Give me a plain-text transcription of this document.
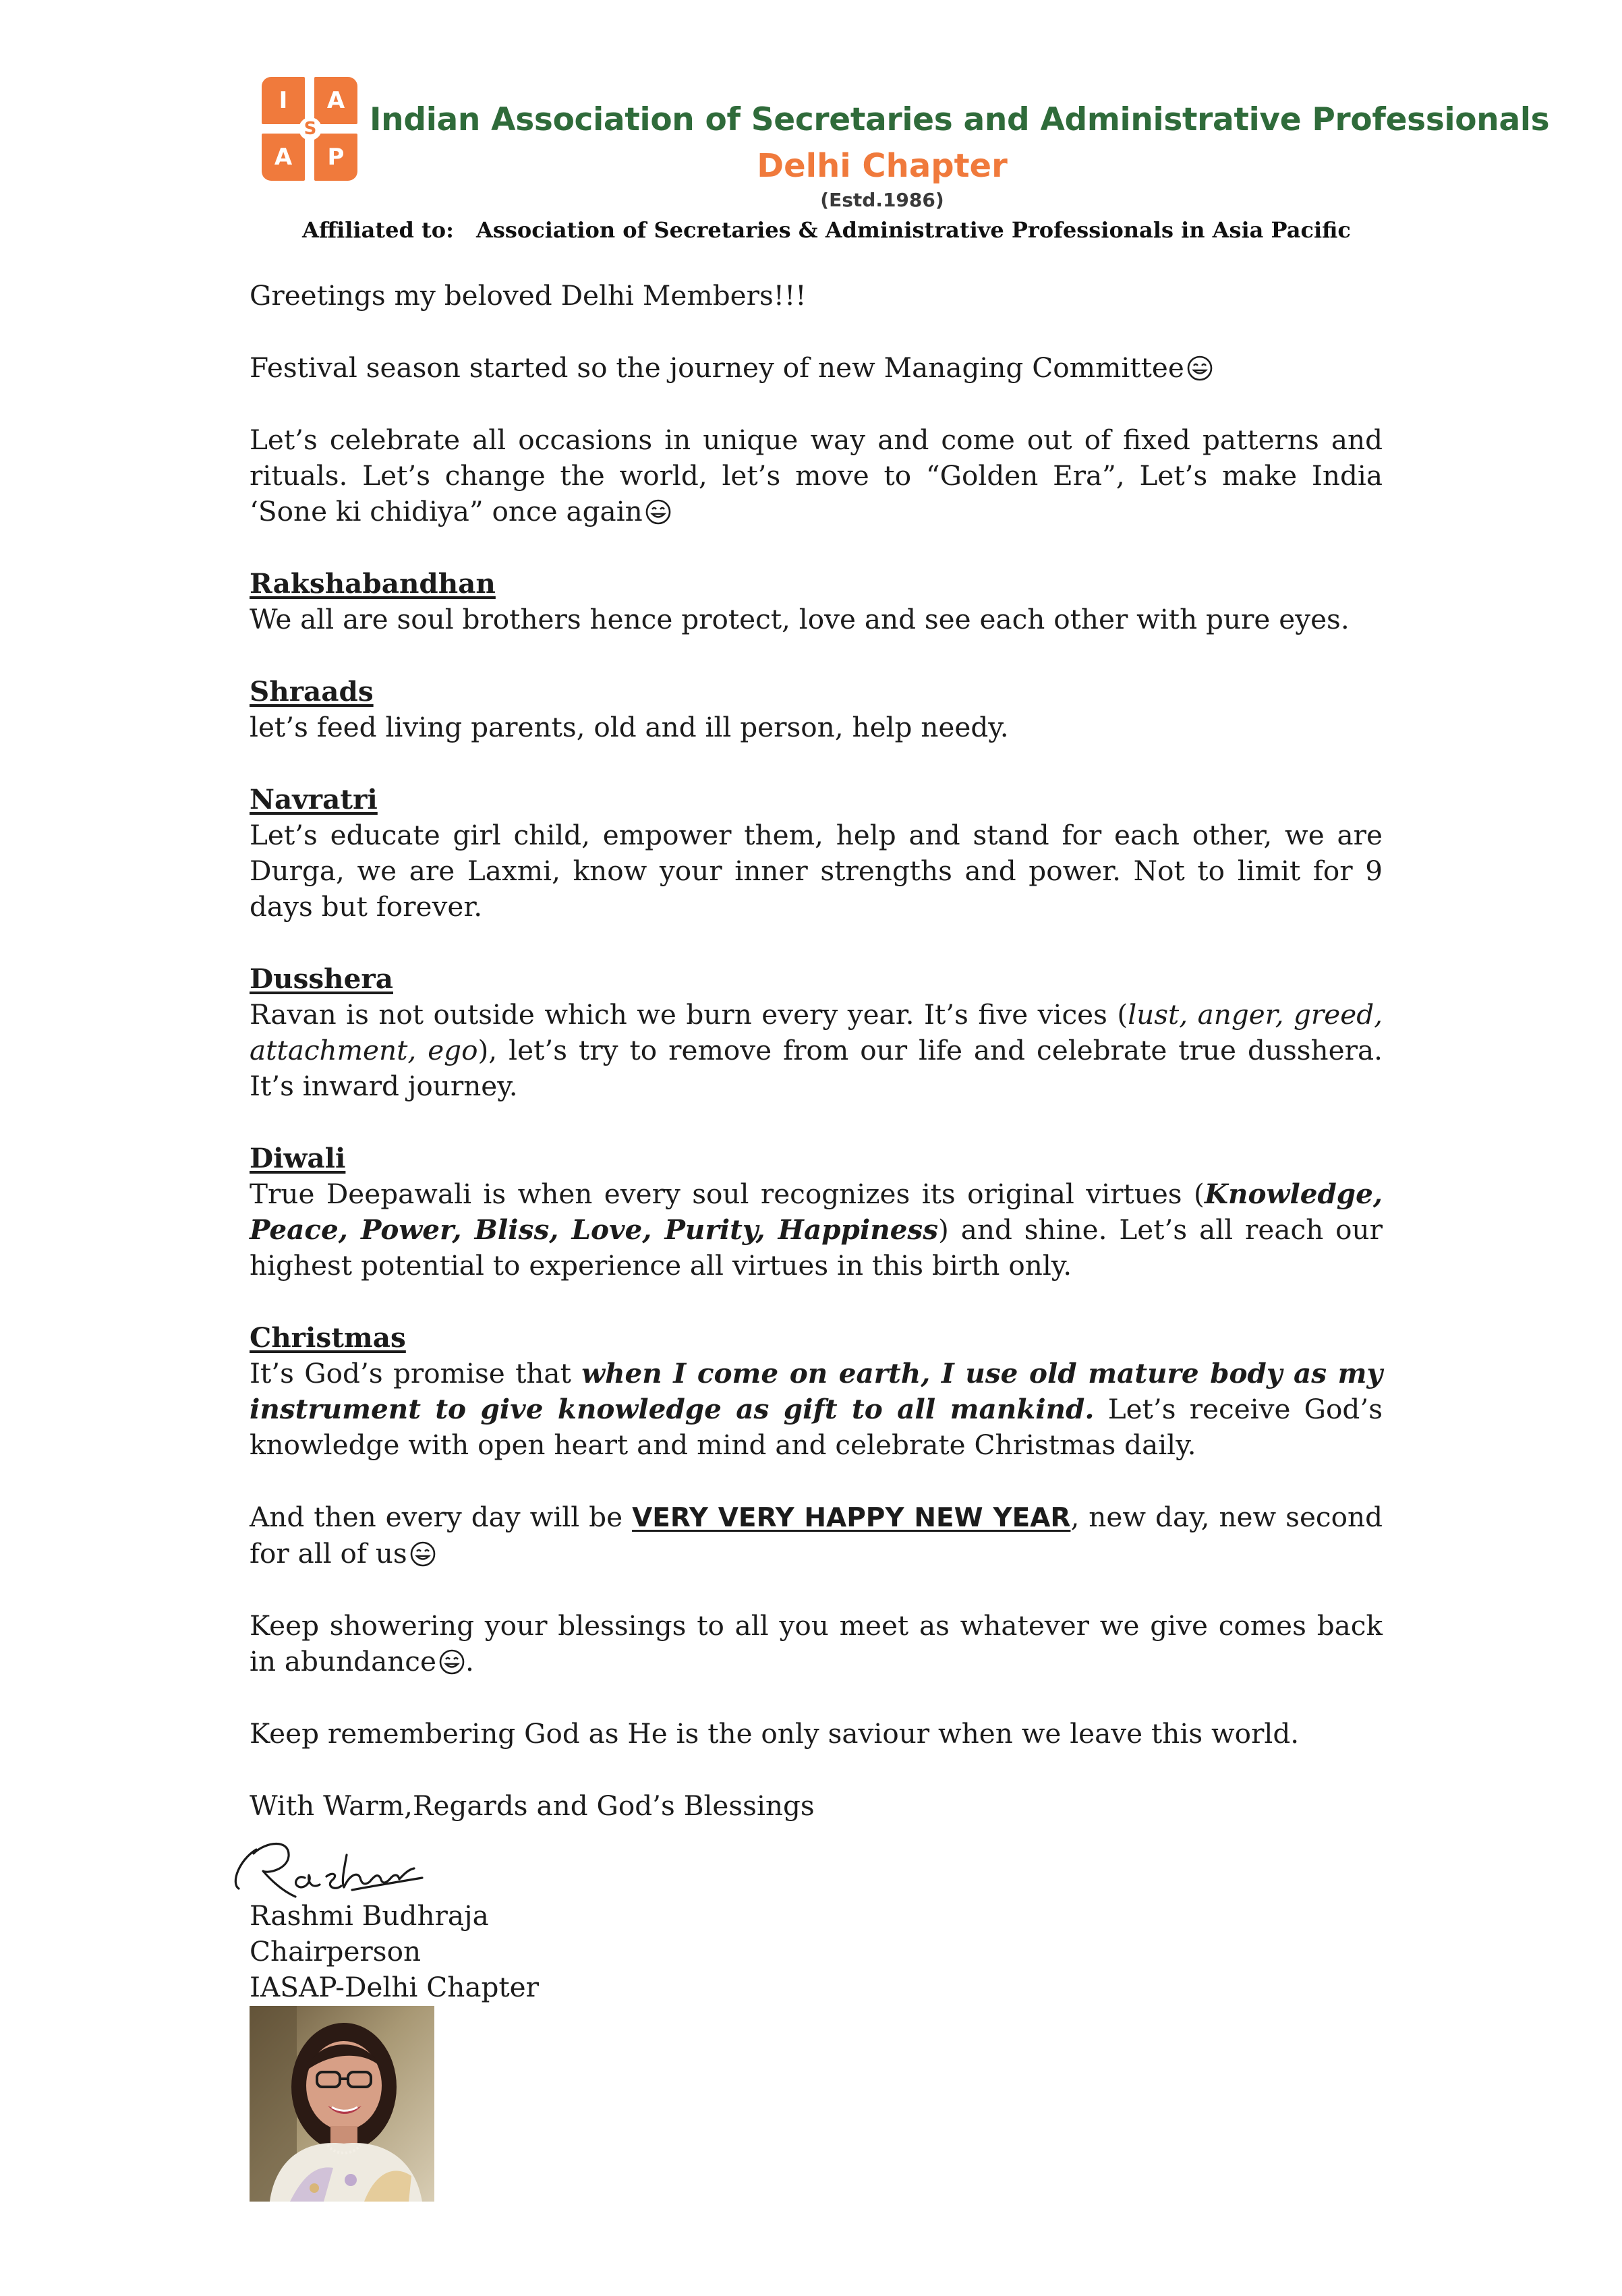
I	A
A	P
S Indian Association of Secretaries and Administrative Professionals
Delhi Chapter
(Estd.1986)
Affiliated to: Association of Secretaries & Administrative Professionals in Asia Pacific

Greetings my beloved Delhi Members!!!

Festival season started so the journey of new Managing Committee

Let’s celebrate all occasions in unique way and come out of fixed patterns and rituals. Let’s change the world, let’s move to “Golden Era”, Let’s make India ‘Sone ki chidiya” once again

Rakshabandhan
We all are soul brothers hence protect, love and see each other with pure eyes.

Shraads
let’s feed living parents, old and ill person, help needy.

Navratri
Let’s educate girl child, empower them, help and stand for each other, we are Durga, we are Laxmi, know your inner strengths and power. Not to limit for 9 days but forever.

Dusshera
Ravan is not outside which we burn every year. It’s five vices (lust, anger, greed, attachment, ego), let’s try to remove from our life and celebrate true dusshera. It’s inward journey.

Diwali
True Deepawali is when every soul recognizes its original virtues (Knowledge, Peace, Power, Bliss, Love, Purity, Happiness) and shine. Let’s all reach our highest potential to experience all virtues in this birth only.

Christmas
It’s God’s promise that when I come on earth, I use old mature body as my instrument to give knowledge as gift to all mankind. Let’s receive God’s knowledge with open heart and mind and celebrate Christmas daily.

And then every day will be VERY VERY HAPPY NEW YEAR, new day, new second for all of us

Keep showering your blessings to all you meet as whatever we give comes back in abundance .

Keep remembering God as He is the only saviour when we leave this world.

With Warm,Regards and God’s Blessings

Rashmi Budhraja
Chairperson
IASAP-Delhi Chapter
